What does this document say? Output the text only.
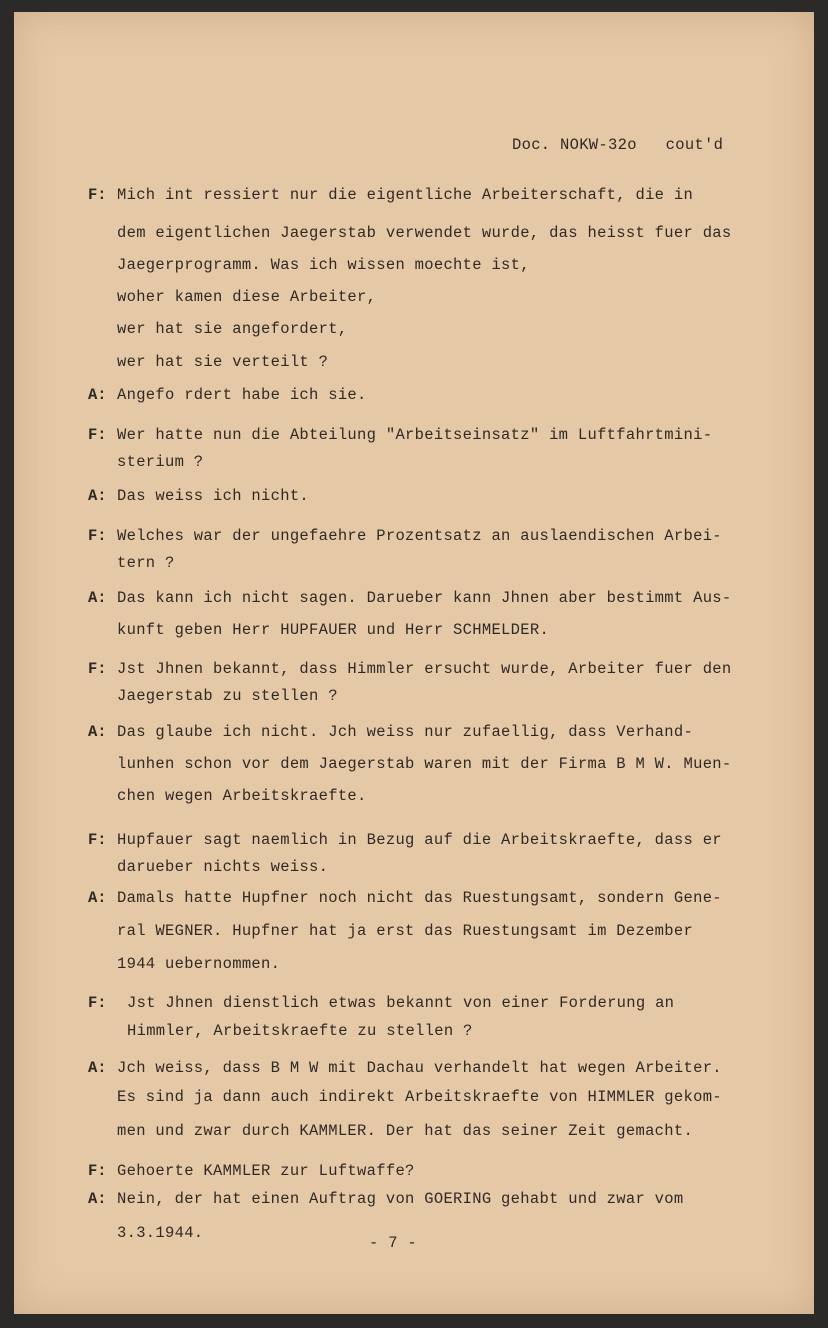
Doc. NOKW-32o   cout'd
- 7 -
F: Mich int ressiert nur die eigentliche Arbeiterschaft, die in
dem eigentlichen Jaegerstab verwendet wurde, das heisst fuer das
Jaegerprogramm. Was ich wissen moechte ist,
woher kamen diese Arbeiter,
wer hat sie angefordert,
wer hat sie verteilt ?
A: Angefo rdert habe ich sie.
F: Wer hatte nun die Abteilung "Arbeitseinsatz" im Luftfahrtmini-
sterium ?
A: Das weiss ich nicht.
F: Welches war der ungefaehre Prozentsatz an auslaendischen Arbei-
tern ?
A: Das kann ich nicht sagen. Darueber kann Jhnen aber bestimmt Aus-
kunft geben Herr HUPFAUER und Herr SCHMELDER.
F: Jst Jhnen bekannt, dass Himmler ersucht wurde, Arbeiter fuer den
Jaegerstab zu stellen ?
A: Das glaube ich nicht. Jch weiss nur zufaellig, dass Verhand-
lunhen schon vor dem Jaegerstab waren mit der Firma B M W. Muen-
chen wegen Arbeitskraefte.
F: Hupfauer sagt naemlich in Bezug auf die Arbeitskraefte, dass er
darueber nichts weiss.
A: Damals hatte Hupfner noch nicht das Ruestungsamt, sondern Gene-
ral WEGNER. Hupfner hat ja erst das Ruestungsamt im Dezember
1944 uebernommen.
F: Jst Jhnen dienstlich etwas bekannt von einer Forderung an
Himmler, Arbeitskraefte zu stellen ?
A: Jch weiss, dass B M W mit Dachau verhandelt hat wegen Arbeiter.
Es sind ja dann auch indirekt Arbeitskraefte von HIMMLER gekom-
men und zwar durch KAMMLER. Der hat das seiner Zeit gemacht.
F: Gehoerte KAMMLER zur Luftwaffe?
A: Nein, der hat einen Auftrag von GOERING gehabt und zwar vom
3.3.1944.
